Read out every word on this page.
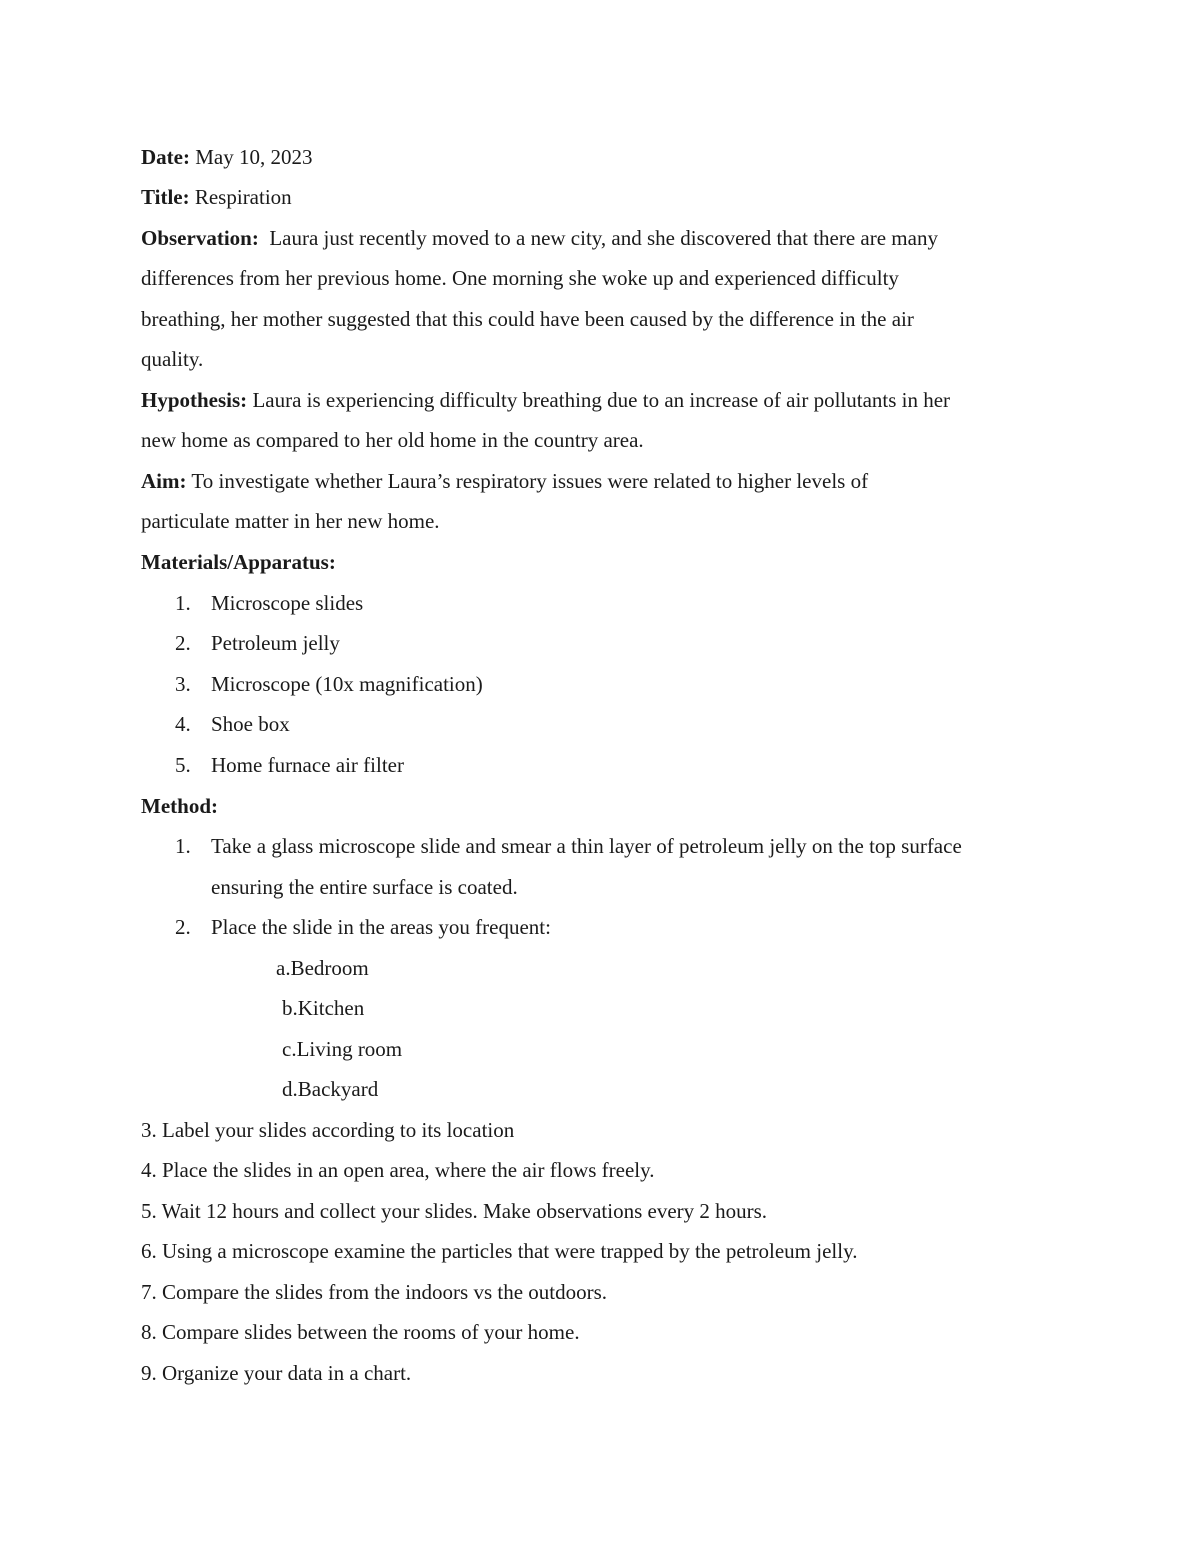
Date: May 10, 2023
Title: Respiration
Observation:  Laura just recently moved to a new city, and she discovered that there are many
differences from her previous home. One morning she woke up and experienced difficulty
breathing, her mother suggested that this could have been caused by the difference in the air
quality.
Hypothesis: Laura is experiencing difficulty breathing due to an increase of air pollutants in her
new home as compared to her old home in the country area.
Aim: To investigate whether Laura’s respiratory issues were related to higher levels of
particulate matter in her new home.
Materials/Apparatus:
1. Microscope slides
2. Petroleum jelly
3. Microscope (10x magnification)
4. Shoe box
5. Home furnace air filter
Method:
1. Take a glass microscope slide and smear a thin layer of petroleum jelly on the top surface
ensuring the entire surface is coated.
2. Place the slide in the areas you frequent:
a.Bedroom
b.Kitchen
c.Living room
d.Backyard
3. Label your slides according to its location
4. Place the slides in an open area, where the air flows freely.
5. Wait 12 hours and collect your slides. Make observations every 2 hours.
6. Using a microscope examine the particles that were trapped by the petroleum jelly.
7. Compare the slides from the indoors vs the outdoors.
8. Compare slides between the rooms of your home.
9. Organize your data in a chart.
